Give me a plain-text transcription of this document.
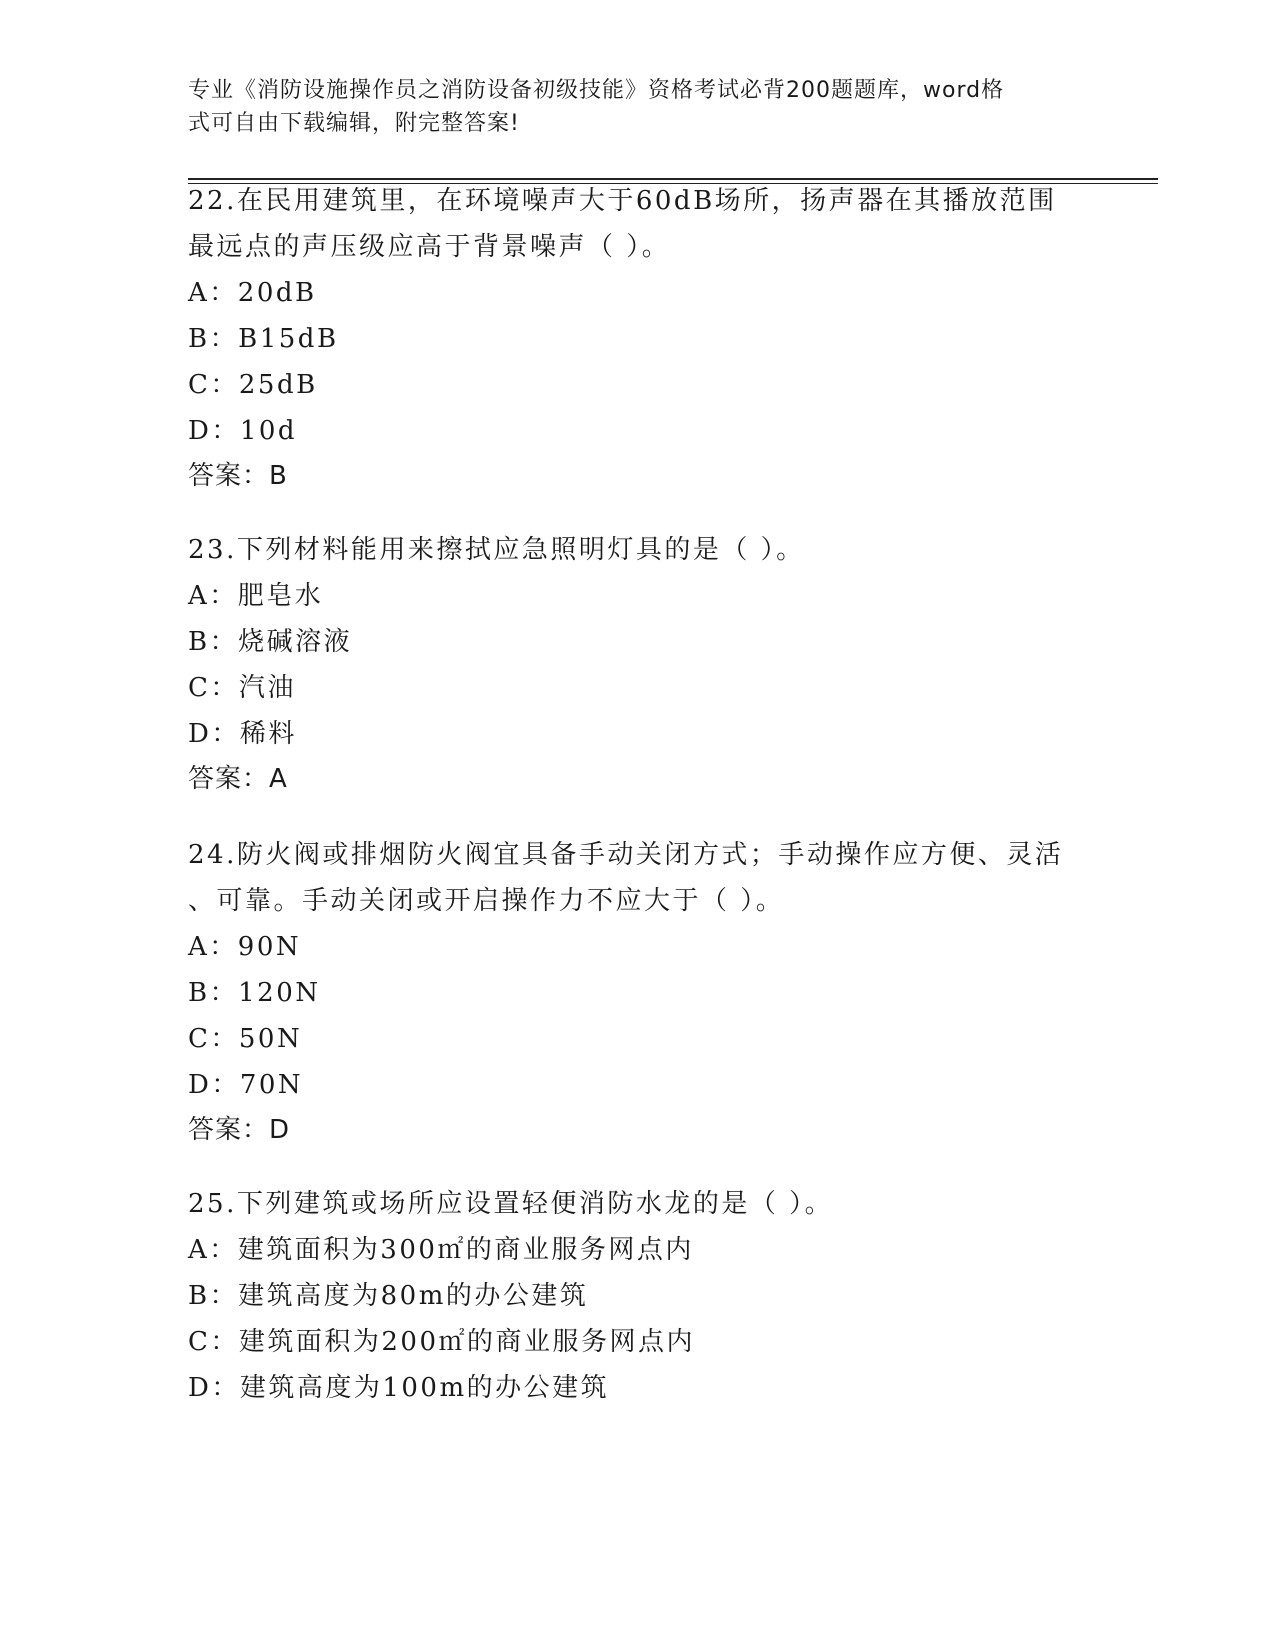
专业《消防设施操作员之消防设备初级技能》资格考试必背200题题库，word格
式可自由下载编辑，附完整答案!
22.在民用建筑里，在环境噪声大于60dB场所，扬声器在其播放范围
最远点的声压级应高于背景噪声（ ）。
A：20dB
B：B15dB
C：25dB
D：10d
答案：B
23.下列材料能用来擦拭应急照明灯具的是（ ）。
A：肥皂水
B：烧碱溶液
C：汽油
D：稀料
答案：A
24.防火阀或排烟防火阀宜具备手动关闭方式；手动操作应方便、灵活
、可靠。手动关闭或开启操作力不应大于（ ）。
A：90N
B：120N
C：50N
D：70N
答案：D
25.下列建筑或场所应设置轻便消防水龙的是（ ）。
A：建筑面积为300㎡的商业服务网点内
B：建筑高度为80m的办公建筑
C：建筑面积为200㎡的商业服务网点内
D：建筑高度为100m的办公建筑
